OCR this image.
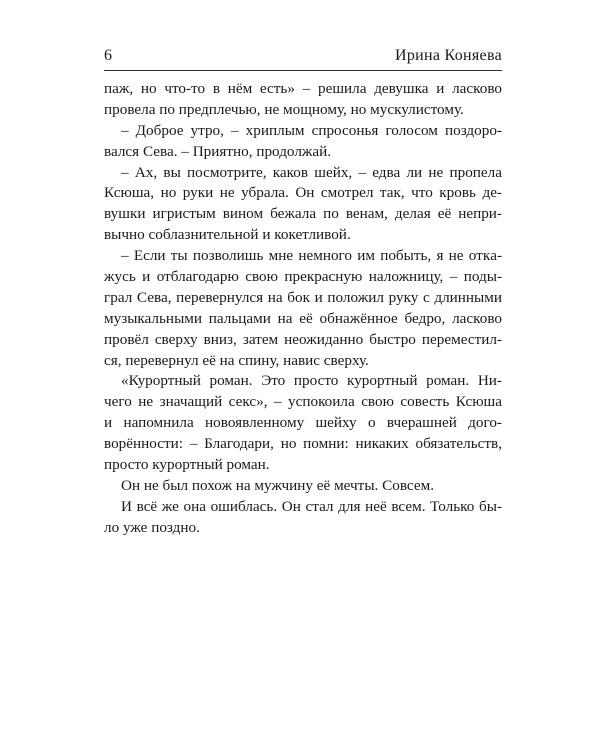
6	Ирина Коняева
паж, но что-то в нём есть» – решила девушка и ласково
провела по предплечью, не мощному, но мускулистому.
– Доброе утро, – хриплым спросонья голосом поздоро-
вался Сева. – Приятно, продолжай.
– Ах, вы посмотрите, каков шейх, – едва ли не пропела
Ксюша, но руки не убрала. Он смотрел так, что кровь де-
вушки игристым вином бежала по венам, делая её непри-
вычно соблазнительной и кокетливой.
– Если ты позволишь мне немного им побыть, я не откa-
жусь и отблагодарю свою прекрасную наложницу, – поды-
грал Сева, перевернулся на бок и положил руку с длинными
музыкальными пальцами на её обнажённое бедро, ласково
провёл сверху вниз, затем неожиданно быстро переместил-
ся, перевернул её на спину, навис сверху.
«Курортный роман. Это просто курортный роман. Ни-
чего не значащий секс», – успокоила свою совесть Ксюша
и напомнила новоявленному шейху о вчерашней дого-
ворённости: – Благодари, но помни: никаких обязательств,
просто курортный роман.
Он не был похож на мужчину её мечты. Совсем.
И всё же она ошиблась. Он стал для неё всем. Только бы-
ло уже поздно.
